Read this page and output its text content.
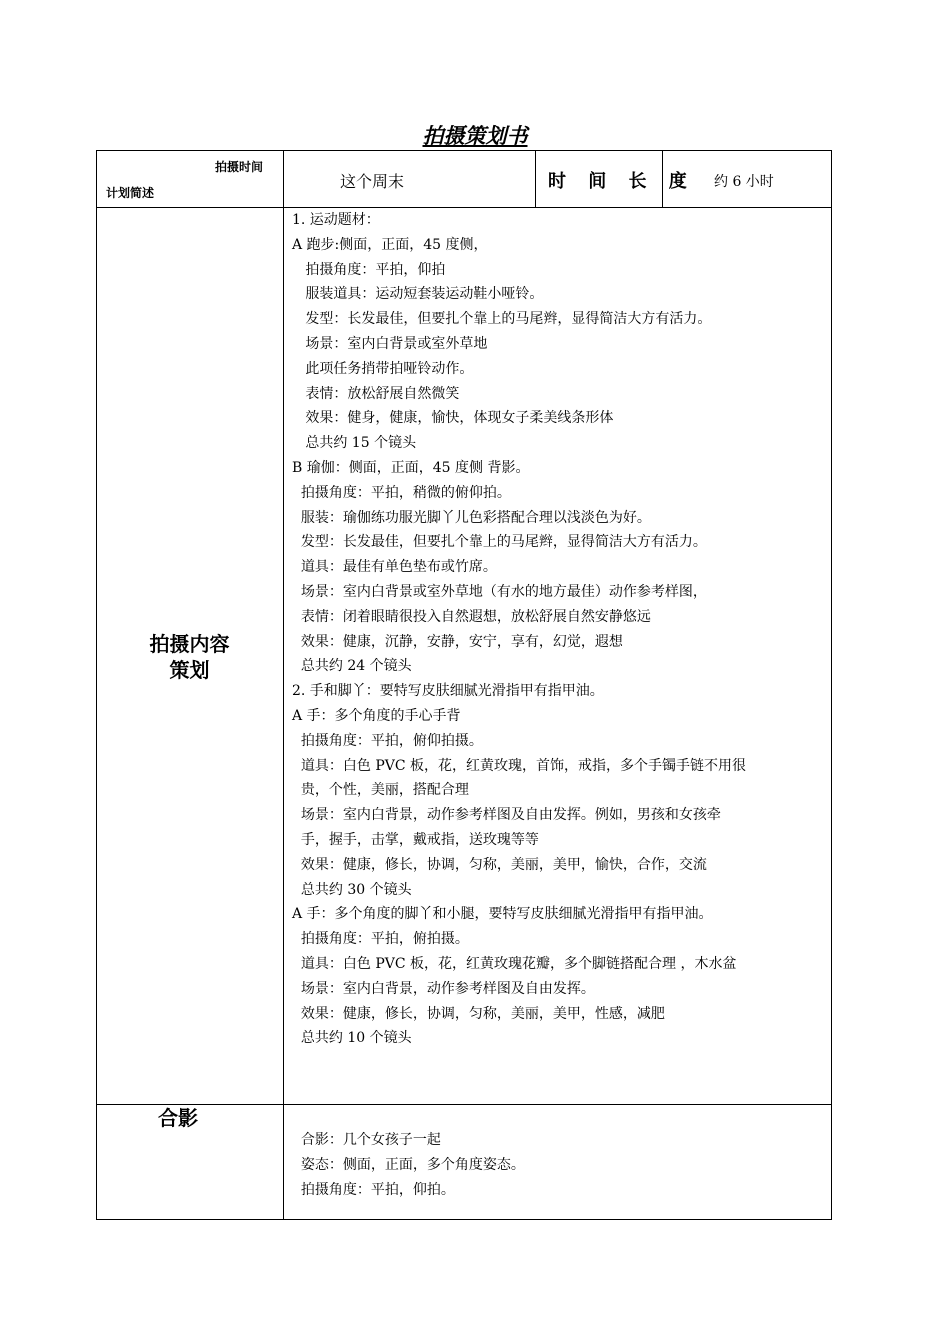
拍摄策划书
拍摄时间
计划简述
这个周末	时 间 长 度 约 6 小时
拍摄内容
策划
1. 运动题材：
A 跑步:侧面，正面，45 度侧，
拍摄角度：平拍，仰拍
服装道具：运动短套装运动鞋小哑铃。
发型：长发最佳，但要扎个靠上的马尾辫，显得简洁大方有活力。
场景：室内白背景或室外草地
此项任务捎带拍哑铃动作。
表情：放松舒展自然微笑
效果：健身，健康，愉快，体现女子柔美线条形体
总共约 15 个镜头
B 瑜伽：侧面，正面，45 度侧 背影。
拍摄角度：平拍，稍微的俯仰拍。
服装：瑜伽练功服光脚丫儿色彩搭配合理以浅淡色为好。
发型：长发最佳，但要扎个靠上的马尾辫，显得简洁大方有活力。
道具：最佳有单色垫布或竹席。
场景：室内白背景或室外草地（有水的地方最佳）动作参考样图，
表情：闭着眼睛很投入自然遐想，放松舒展自然安静悠远
效果：健康，沉静，安静，安宁，享有，幻觉，遐想
总共约 24 个镜头
2. 手和脚丫：要特写皮肤细腻光滑指甲有指甲油。
A 手：多个角度的手心手背
拍摄角度：平拍，俯仰拍摄。
道具：白色 PVC 板，花，红黄玫瑰，首饰，戒指，多个手镯手链不用很
贵，个性，美丽，搭配合理
场景：室内白背景，动作参考样图及自由发挥。例如，男孩和女孩牵
手，握手，击掌，戴戒指，送玫瑰等等
效果：健康，修长，协调，匀称，美丽，美甲，愉快，合作，交流
总共约 30 个镜头
A 手：多个角度的脚丫和小腿，要特写皮肤细腻光滑指甲有指甲油。
拍摄角度：平拍，俯拍摄。
道具：白色 PVC 板，花，红黄玫瑰花瓣，多个脚链搭配合理 ，木水盆
场景：室内白背景，动作参考样图及自由发挥。
效果：健康，修长，协调，匀称，美丽，美甲，性感，减肥
总共约 10 个镜头
合影
合影：几个女孩子一起
姿态：侧面，正面，多个角度姿态。
拍摄角度：平拍，仰拍。
